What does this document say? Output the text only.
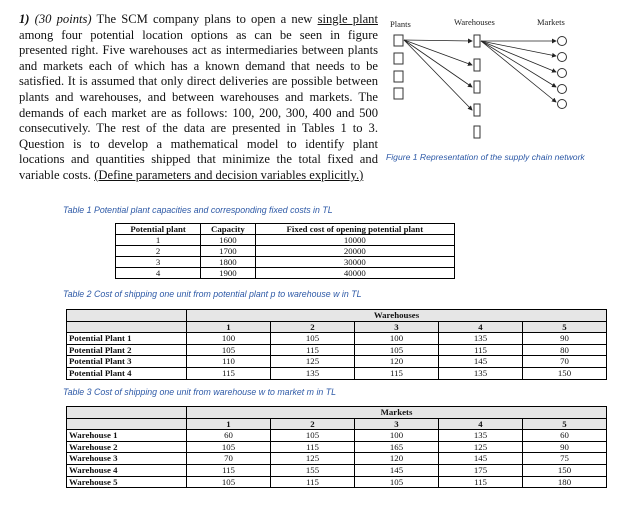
1) (30 points) The SCM company plans to open a new single plant among four potential location options as can be seen in figure presented right. Five warehouses act as intermediaries between plants and markets each of which has a known demand that needs to be satisfied. It is assumed that only direct deliveries are possible between plants and warehouses, and between warehouses and markets. The demands of each market are as follows: 100, 200, 300, 400 and 500 consecutively. The rest of the data are presented in Tables 1 to 3. Question is to develop a mathematical model to identify plant locations and quantities shipped that minimize the total fixed and variable costs. (Define parameters and decision variables explicitly.)
Plants	Warehouses	Markets
Figure 1 Representation of the supply chain network
Table 1 Potential plant capacities and corresponding fixed costs in TL
Potential plant	Capacity	Fixed cost of opening potential plant
1	1600	10000
2	1700	20000
3	1800	30000
4	1900	40000
Table 2 Cost of shipping one unit from potential plant p to warehouse w in TL
	Warehouses				
	1	2	3	4	5
Potential Plant 1	100	105	100	135	90
Potential Plant 2	105	115	105	115	80
Potential Plant 3	110	125	120	145	70
Potential Plant 4	115	135	115	135	150
Table 3 Cost of shipping one unit from warehouse w to market m in TL
	Markets				
	1	2	3	4	5
Warehouse 1	60	105	100	135	60
Warehouse 2	105	115	165	125	90
Warehouse 3	70	125	120	145	75
Warehouse 4	115	155	145	175	150
Warehouse 5	105	115	105	115	180
